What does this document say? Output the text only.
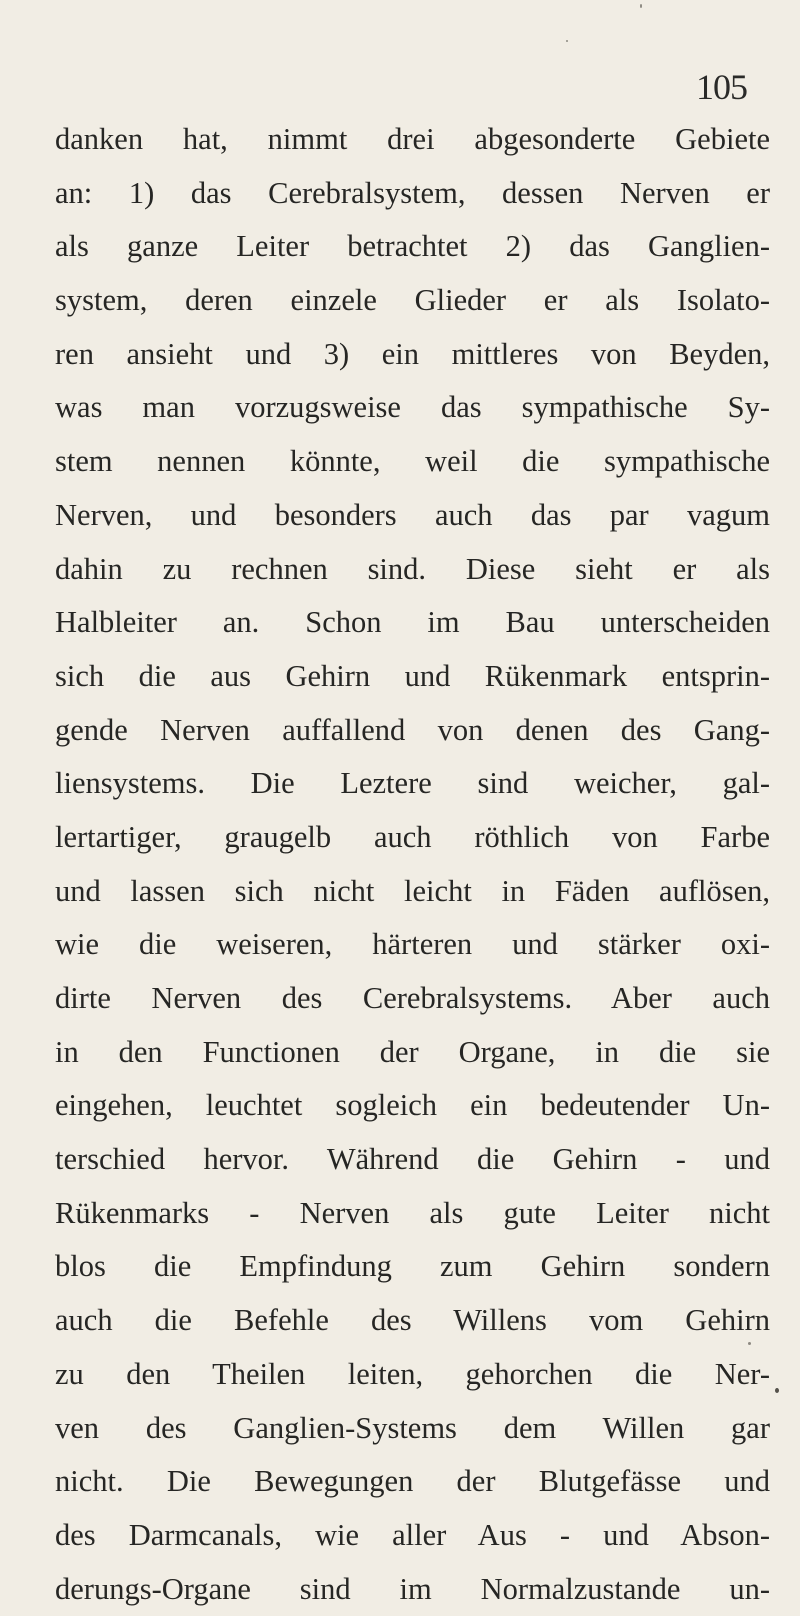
105
danken hat, nimmt drei abgesonderte Gebiete
an: 1) das Cerebralsystem, dessen Nerven er
als ganze Leiter betrachtet 2) das Ganglien-
system, deren einzele Glieder er als Isolato-
ren ansieht und 3) ein mittleres von Beyden,
was man vorzugsweise das sympathische Sy-
stem nennen könnte, weil die sympathische
Nerven, und besonders auch das par vagum
dahin zu rechnen sind. Diese sieht er als
Halbleiter an. Schon im Bau unterscheiden
sich die aus Gehirn und Rükenmark entsprin-
gende Nerven auffallend von denen des Gang-
liensystems. Die Leztere sind weicher, gal-
lertartiger, graugelb auch röthlich von Farbe
und lassen sich nicht leicht in Fäden auflösen,
wie die weiseren, härteren und stärker oxi-
dirte Nerven des Cerebralsystems. Aber auch
in den Functionen der Organe, in die sie
eingehen, leuchtet sogleich ein bedeutender Un-
terschied hervor. Während die Gehirn - und
Rükenmarks - Nerven als gute Leiter nicht
blos die Empfindung zum Gehirn sondern
auch die Befehle des Willens vom Gehirn
zu den Theilen leiten, gehorchen die Ner-
ven des Ganglien-Systems dem Willen gar
nicht. Die Bewegungen der Blutgefässe und
des Darmcanals, wie aller Aus - und Abson-
derungs-Organe sind im Normalzustande un-
